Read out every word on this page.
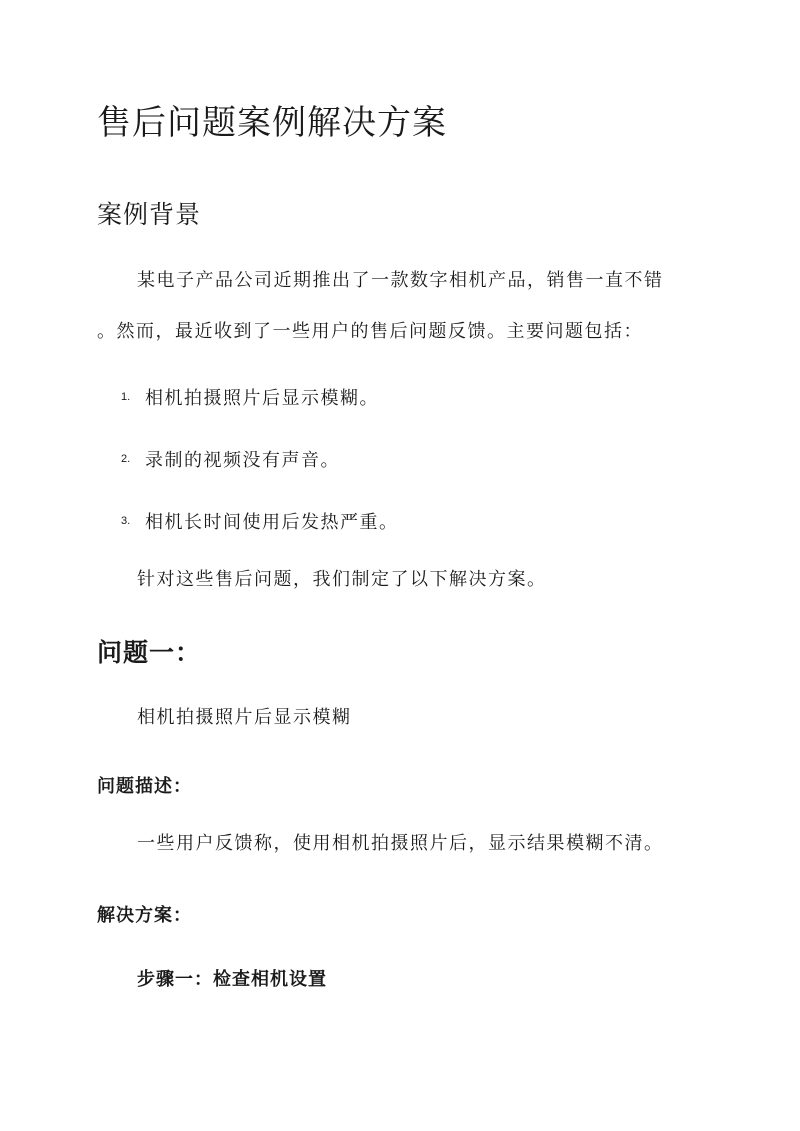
售后问题案例解决方案
案例背景
某电子产品公司近期推出了一款数字相机产品，销售一直不错
。然而，最近收到了一些用户的售后问题反馈。主要问题包括：
1. 相机拍摄照片后显示模糊。
2. 录制的视频没有声音。
3. 相机长时间使用后发热严重。
针对这些售后问题，我们制定了以下解决方案。
问题一：
相机拍摄照片后显示模糊
问题描述：
一些用户反馈称，使用相机拍摄照片后，显示结果模糊不清。
解决方案：
步骤一：检查相机设置
